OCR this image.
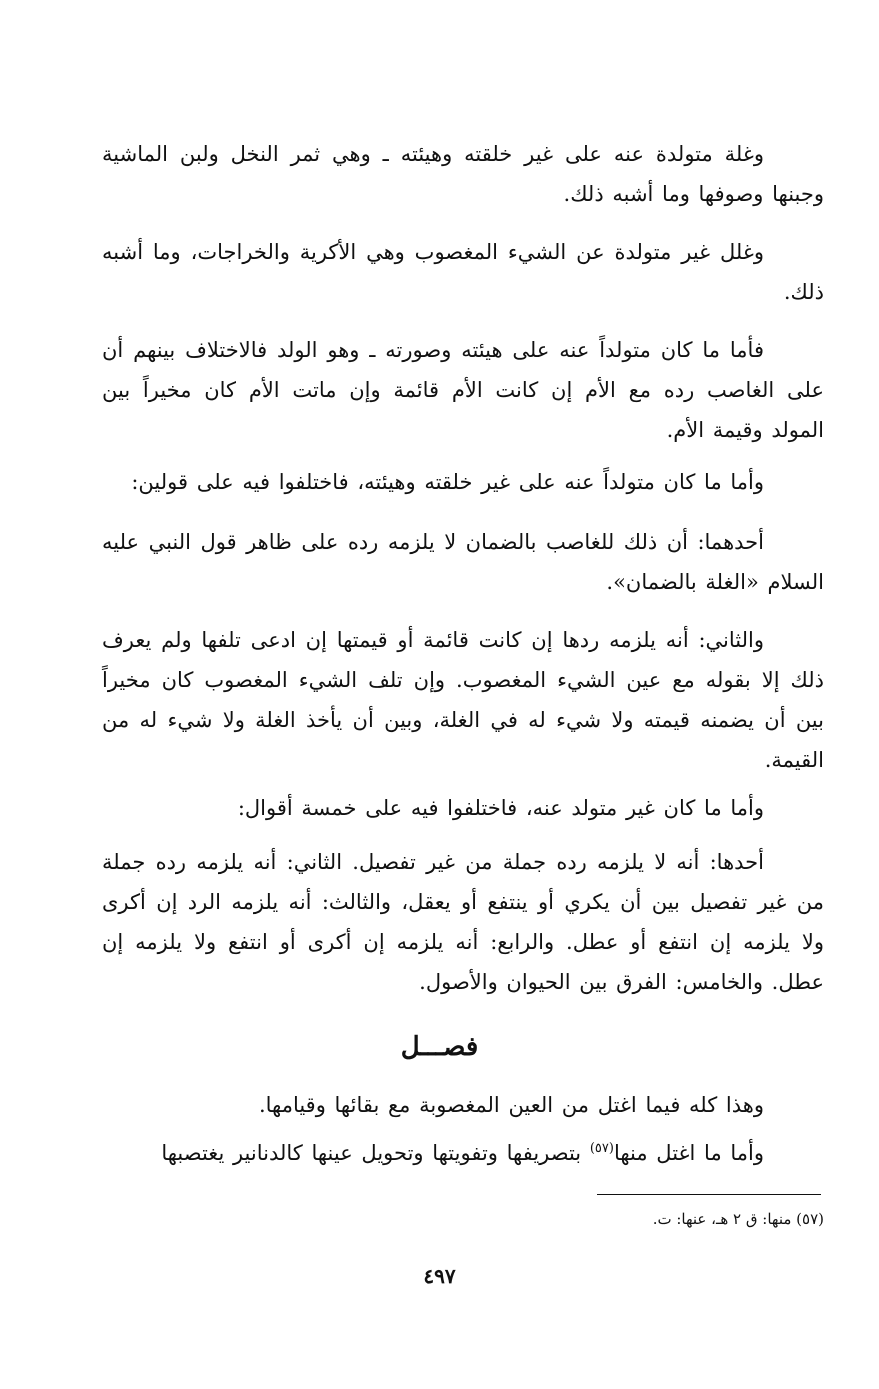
وغلة متولدة عنه على غير خلقته وهيئته ـ وهي ثمر النخل ولبن الماشية وجبنها وصوفها وما أشبه ذلك.

وغلل غير متولدة عن الشيء المغصوب وهي الأكرية والخراجات، وما أشبه ذلك.

فأما ما كان متولداً عنه على هيئته وصورته ـ وهو الولد فالاختلاف بينهم أن على الغاصب رده مع الأم إن كانت الأم قائمة وإن ماتت الأم كان مخيراً بين المولد وقيمة الأم.

وأما ما كان متولداً عنه على غير خلقته وهيئته، فاختلفوا فيه على قولين:

أحدهما: أن ذلك للغاصب بالضمان لا يلزمه رده على ظاهر قول النبي عليه السلام «الغلة بالضمان».

والثاني: أنه يلزمه ردها إن كانت قائمة أو قيمتها إن ادعى تلفها ولم يعرف ذلك إلا بقوله مع عين الشيء المغصوب. وإن تلف الشيء المغصوب كان مخيراً بين أن يضمنه قيمته ولا شيء له في الغلة، وبين أن يأخذ الغلة ولا شيء له من القيمة.

وأما ما كان غير متولد عنه، فاختلفوا فيه على خمسة أقوال:

أحدها: أنه لا يلزمه رده جملة من غير تفصيل. الثاني: أنه يلزمه رده جملة من غير تفصيل بين أن يكري أو ينتفع أو يعقل، والثالث: أنه يلزمه الرد إن أكرى ولا يلزمه إن انتفع أو عطل. والرابع: أنه يلزمه إن أكرى أو انتفع ولا يلزمه إن عطل. والخامس: الفرق بين الحيوان والأصول.

فصـــل

وهذا كله فيما اغتل من العين المغصوبة مع بقائها وقيامها.

وأما ما اغتل منها$^{(٥٧)}$ بتصريفها وتفويتها وتحويل عينها كالدنانير يغتصبها

(٥٧) منها: ق ٢ هـ، عنها: ت.
٤٩٧
